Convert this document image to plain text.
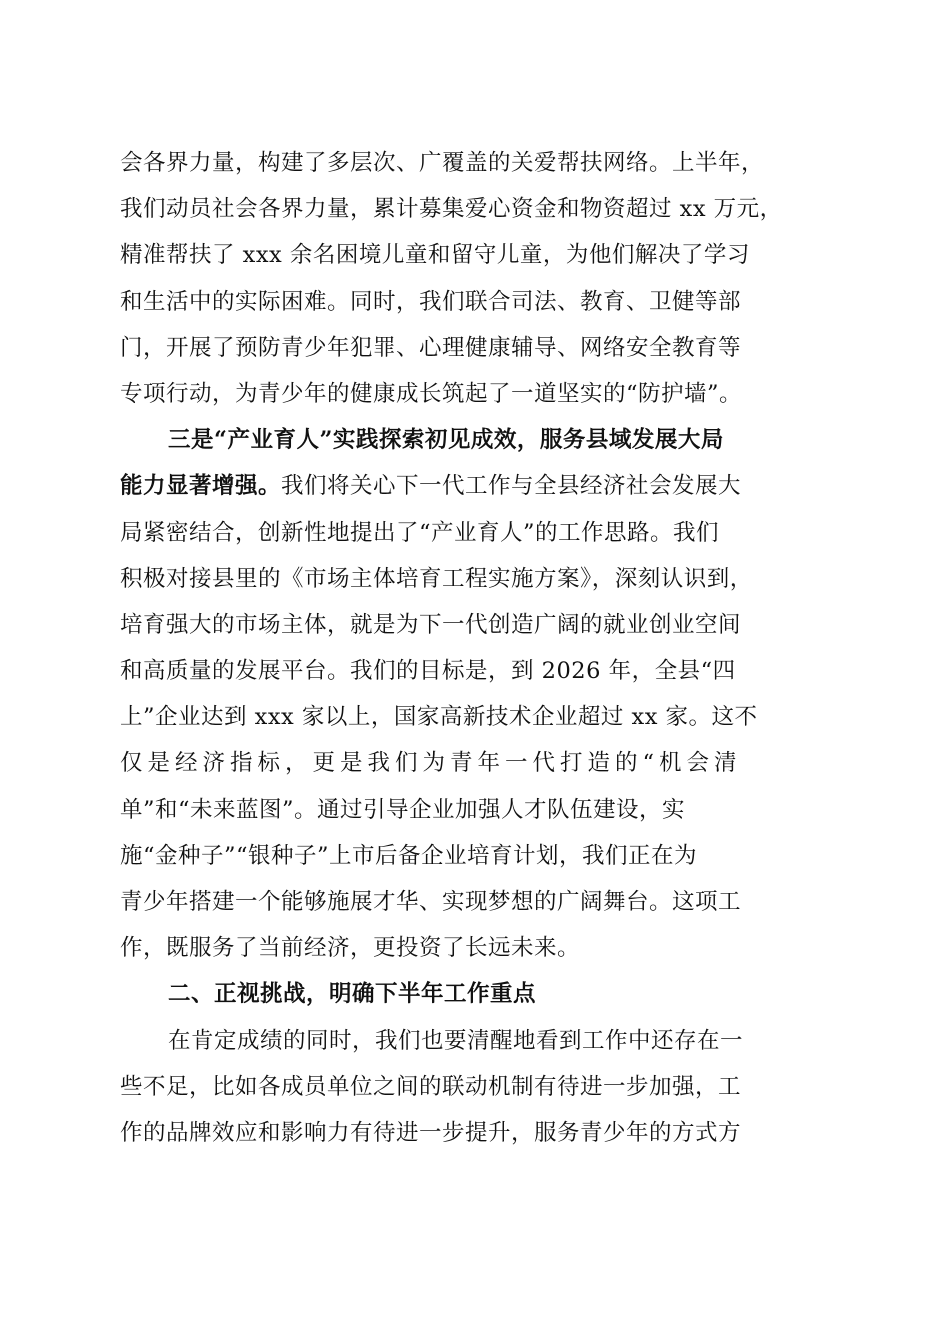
会各界力量，构建了多层次、广覆盖的关爱帮扶网络。上半年，
我们动员社会各界力量，累计募集爱心资金和物资超过 xx 万元，
精准帮扶了 xxx 余名困境儿童和留守儿童，为他们解决了学习
和生活中的实际困难。同时，我们联合司法、教育、卫健等部
门，开展了预防青少年犯罪、心理健康辅导、网络安全教育等
专项行动，为青少年的健康成长筑起了一道坚实的“防护墙”。
三是“产业育人”实践探索初见成效，服务县域发展大局
能力显著增强。我们将关心下一代工作与全县经济社会发展大
局紧密结合，创新性地提出了“产业育人”的工作思路。我们
积极对接县里的《市场主体培育工程实施方案》，深刻认识到，
培育强大的市场主体，就是为下一代创造广阔的就业创业空间
和高质量的发展平台。我们的目标是，到 2026 年，全县“四
上”企业达到 xxx 家以上，国家高新技术企业超过 xx 家。这不
仅是经济指标，更是我们为青年一代打造的“机会清
单”和“未来蓝图”。通过引导企业加强人才队伍建设，实
施“金种子”“银种子”上市后备企业培育计划，我们正在为
青少年搭建一个能够施展才华、实现梦想的广阔舞台。这项工
作，既服务了当前经济，更投资了长远未来。
二、正视挑战，明确下半年工作重点
在肯定成绩的同时，我们也要清醒地看到工作中还存在一
些不足，比如各成员单位之间的联动机制有待进一步加强，工
作的品牌效应和影响力有待进一步提升，服务青少年的方式方
